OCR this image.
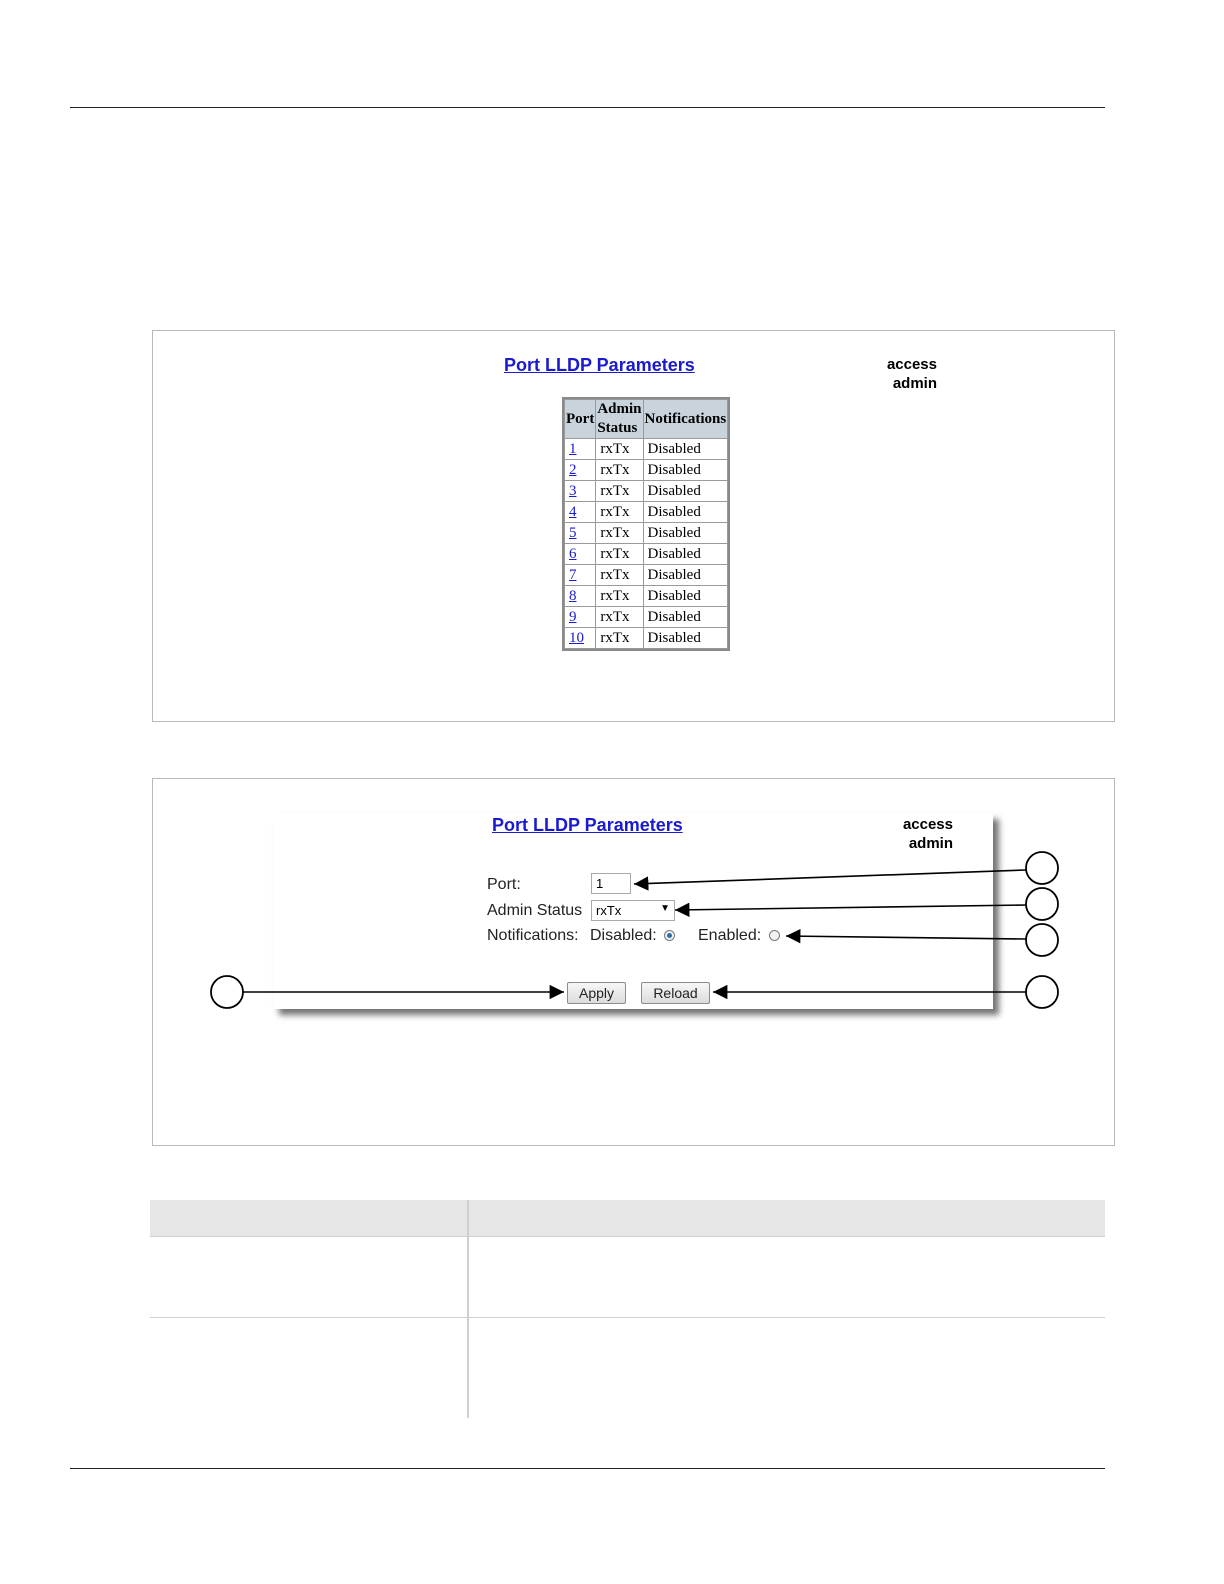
Port LLDP Parameters	access
admin
Port	Admin Status	Notifications
1	rxTx	Disabled
2	rxTx	Disabled
3	rxTx	Disabled
4	rxTx	Disabled
5	rxTx	Disabled
6	rxTx	Disabled
7	rxTx	Disabled
8	rxTx	Disabled
9	rxTx	Disabled
10	rxTx	Disabled
Port LLDP Parameters	access
admin
Port:	1
Admin Status	rxTx	▼
Notifications: Disabled:	Enabled:
Apply	Reload
